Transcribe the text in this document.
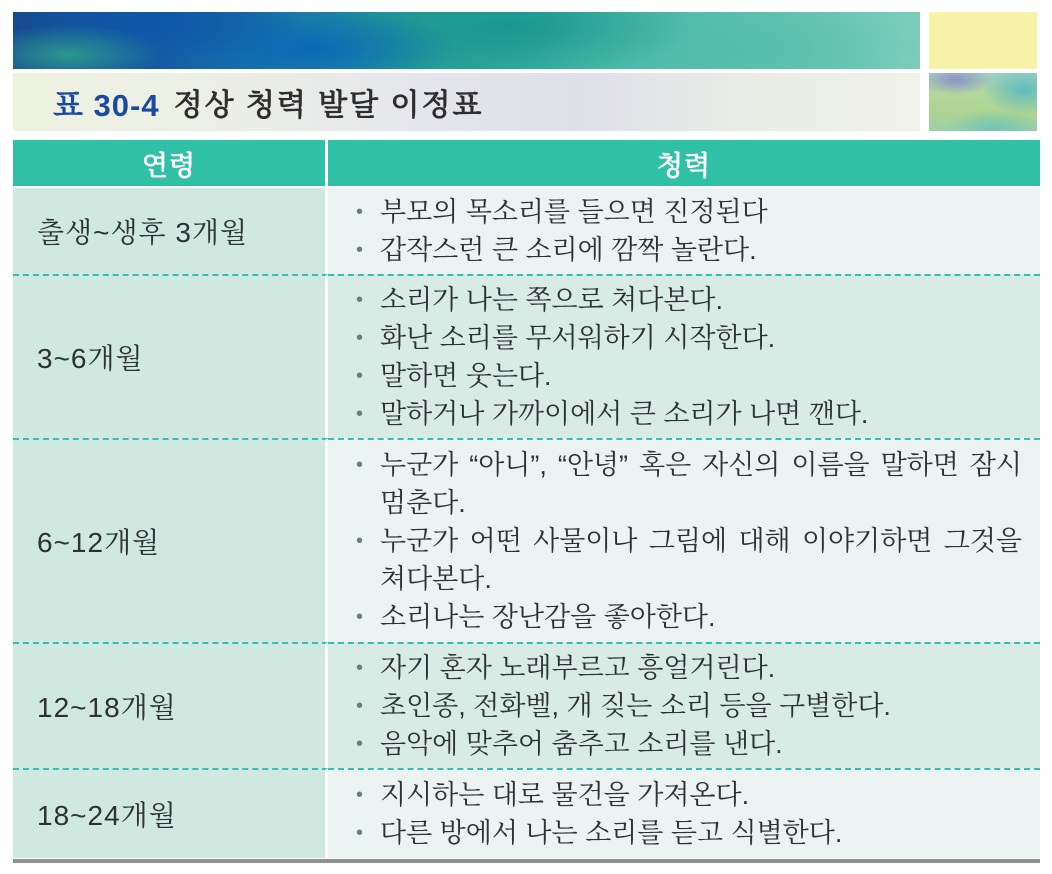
표 30-4 정상 청력 발달 이정표
연령	청력
출생~생후 3개월
• 부모의 목소리를 들으면 진정된다
• 갑작스런 큰 소리에 깜짝 놀란다.
3~6개월
• 소리가 나는 쪽으로 쳐다본다.
• 화난 소리를 무서워하기 시작한다.
• 말하면 웃는다.
• 말하거나 가까이에서 큰 소리가 나면 깬다.
6~12개월
• 누군가 “아니”, “안녕” 혹은 자신의 이름을 말하면 잠시 멈춘다.
• 누군가 어떤 사물이나 그림에 대해 이야기하면 그것을 쳐다본다.
• 소리나는 장난감을 좋아한다.
12~18개월
• 자기 혼자 노래부르고 흥얼거린다.
• 초인종, 전화벨, 개 짖는 소리 등을 구별한다.
• 음악에 맞추어 춤추고 소리를 낸다.
18~24개월
• 지시하는 대로 물건을 가져온다.
• 다른 방에서 나는 소리를 듣고 식별한다.
